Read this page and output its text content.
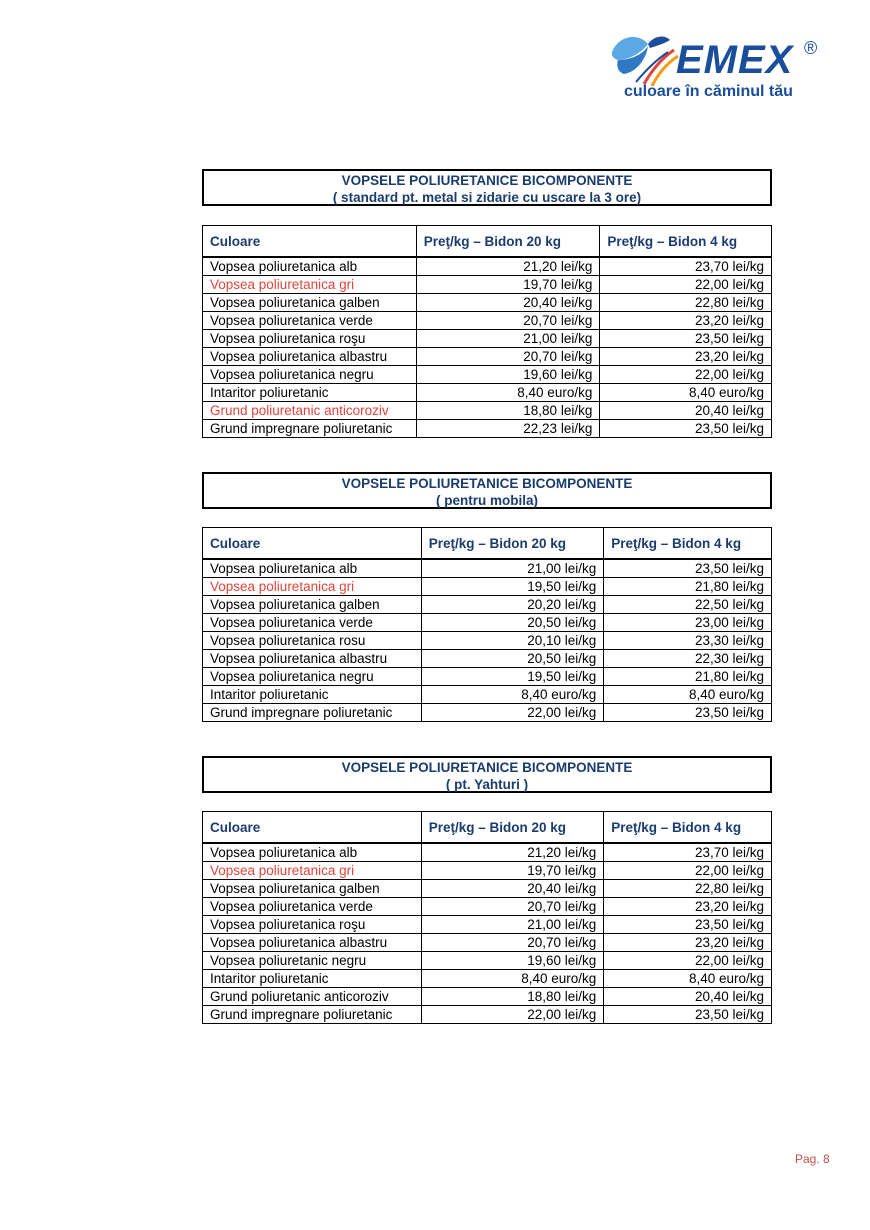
EMEX ®
culoare în căminul tău
VOPSELE POLIURETANICE BICOMPONENTE
( standard pt. metal si zidarie cu uscare la 3 ore)
Culoare	Preţ/kg – Bidon 20 kg	Preţ/kg – Bidon 4 kg
Vopsea poliuretanica alb	21,20 lei/kg	23,70 lei/kg
Vopsea poliuretanica gri	19,70 lei/kg	22,00 lei/kg
Vopsea poliuretanica galben	20,40 lei/kg	22,80 lei/kg
Vopsea poliuretanica verde	20,70 lei/kg	23,20 lei/kg
Vopsea poliuretanica roşu	21,00 lei/kg	23,50 lei/kg
Vopsea poliuretanica albastru	20,70 lei/kg	23,20 lei/kg
Vopsea poliuretanica negru	19,60 lei/kg	22,00 lei/kg
Intaritor poliuretanic	8,40 euro/kg	8,40 euro/kg
Grund poliuretanic anticoroziv	18,80 lei/kg	20,40 lei/kg
Grund impregnare poliuretanic	22,23 lei/kg	23,50 lei/kg
VOPSELE POLIURETANICE BICOMPONENTE
( pentru mobila)
Culoare	Preţ/kg – Bidon 20 kg	Preţ/kg – Bidon 4 kg
Vopsea poliuretanica alb	21,00 lei/kg	23,50 lei/kg
Vopsea poliuretanica gri	19,50 lei/kg	21,80 lei/kg
Vopsea poliuretanica galben	20,20 lei/kg	22,50 lei/kg
Vopsea poliuretanica verde	20,50 lei/kg	23,00 lei/kg
Vopsea poliuretanica rosu	20,10 lei/kg	23,30 lei/kg
Vopsea poliuretanica albastru	20,50 lei/kg	22,30 lei/kg
Vopsea poliuretanica negru	19,50 lei/kg	21,80 lei/kg
Intaritor poliuretanic	8,40 euro/kg	8,40 euro/kg
Grund impregnare poliuretanic	22,00 lei/kg	23,50 lei/kg
VOPSELE POLIURETANICE BICOMPONENTE
( pt. Yahturi )
Culoare	Preţ/kg – Bidon 20 kg	Preţ/kg – Bidon 4 kg
Vopsea poliuretanica alb	21,20 lei/kg	23,70 lei/kg
Vopsea poliuretanica gri	19,70 lei/kg	22,00 lei/kg
Vopsea poliuretanica galben	20,40 lei/kg	22,80 lei/kg
Vopsea poliuretanica verde	20,70 lei/kg	23,20 lei/kg
Vopsea poliuretanica roşu	21,00 lei/kg	23,50 lei/kg
Vopsea poliuretanica albastru	20,70 lei/kg	23,20 lei/kg
Vopsea poliuretanic negru	19,60 lei/kg	22,00 lei/kg
Intaritor poliuretanic	8,40 euro/kg	8,40 euro/kg
Grund poliuretanic anticoroziv	18,80 lei/kg	20,40 lei/kg
Grund impregnare poliuretanic	22,00 lei/kg	23,50 lei/kg
Pag. 8
